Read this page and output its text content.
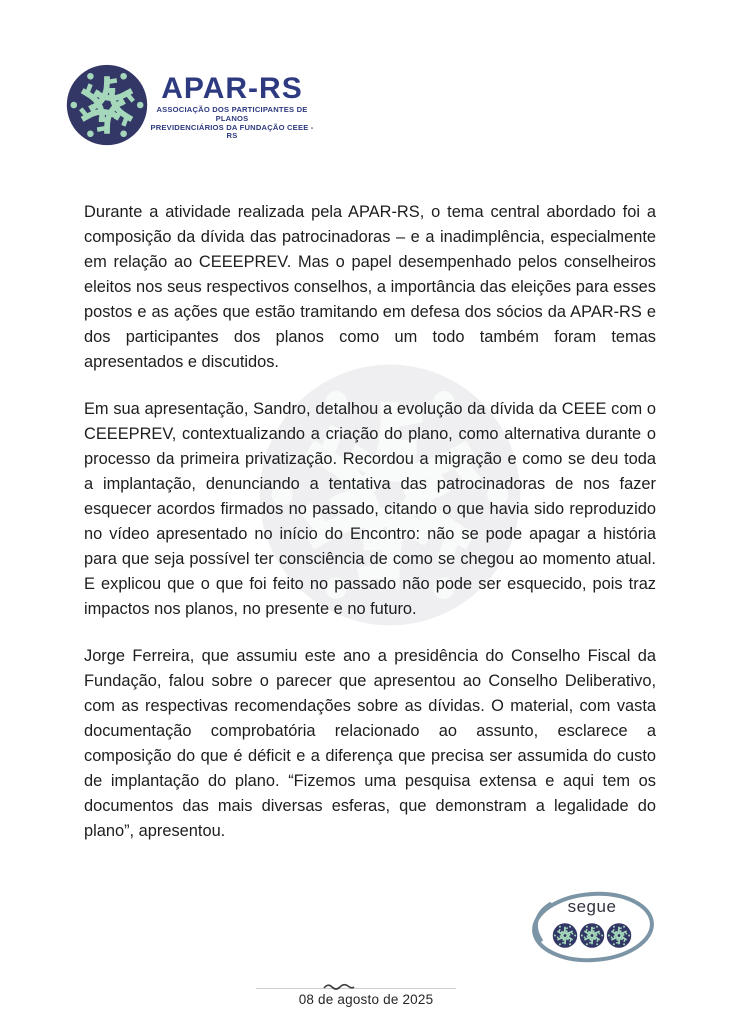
APAR-RS
ASSOCIAÇÃO DOS PARTICIPANTES DE PLANOS
PREVIDENCIÁRIOS DA FUNDAÇÃO CEEE - RS

Durante a atividade realizada pela APAR-RS, o tema central abordado foi a composição da dívida das patrocinadoras – e a inadimplência, especialmente em relação ao CEEEPREV. Mas o papel desempenhado pelos conselheiros eleitos nos seus respectivos conselhos, a importância das eleições para esses postos e as ações que estão tramitando em defesa dos sócios da APAR-RS e dos participantes dos planos como um todo também foram temas apresentados e discutidos.

Em sua apresentação, Sandro, detalhou a evolução da dívida da CEEE com o CEEEPREV, contextualizando a criação do plano, como alternativa durante o processo da primeira privatização. Recordou a migração e como se deu toda a implantação, denunciando a tentativa das patrocinadoras de nos fazer esquecer acordos firmados no passado, citando o que havia sido reproduzido no vídeo apresentado no início do Encontro: não se pode apagar a história para que seja possível ter consciência de como se chegou ao momento atual. E explicou que o que foi feito no passado não pode ser esquecido, pois traz impactos nos planos, no presente e no futuro.

Jorge Ferreira, que assumiu este ano a presidência do Conselho Fiscal da Fundação, falou sobre o parecer que apresentou ao Conselho Deliberativo, com as respectivas recomendações sobre as dívidas. O material, com vasta documentação comprobatória relacionado ao assunto, esclarece a composição do que é déficit e a diferença que precisa ser assumida do custo de implantação do plano. “Fizemos uma pesquisa extensa e aqui tem os documentos das mais diversas esferas, que demonstram a legalidade do plano”, apresentou.

segue
08 de agosto de 2025
